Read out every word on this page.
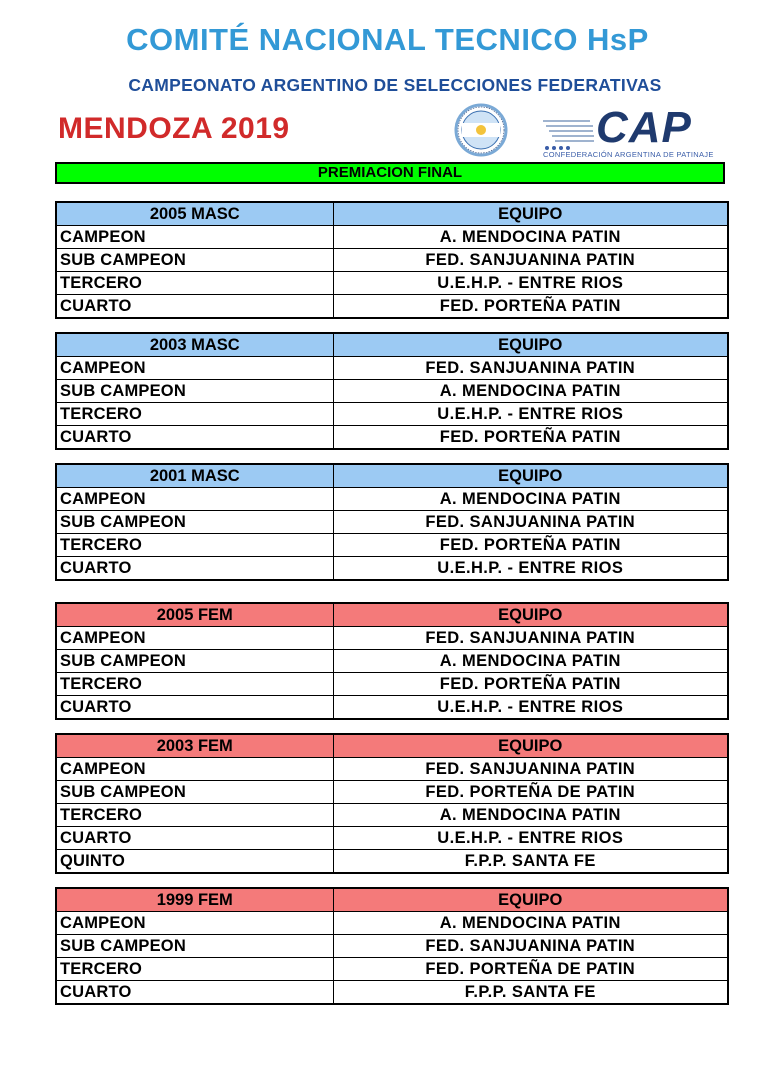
COMITÉ NACIONAL TECNICO HsP
CAMPEONATO ARGENTINO DE SELECCIONES FEDERATIVAS
MENDOZA 2019	CAP
CONFEDERACIÓN ARGENTINA DE PATINAJE
PREMIACION FINAL
2005 MASC	EQUIPO
CAMPEON	A. MENDOCINA PATIN
SUB CAMPEON	FED. SANJUANINA PATIN
TERCERO	U.E.H.P. - ENTRE RIOS
CUARTO	FED. PORTEÑA PATIN
2003 MASC	EQUIPO
CAMPEON	FED. SANJUANINA PATIN
SUB CAMPEON	A. MENDOCINA PATIN
TERCERO	U.E.H.P. - ENTRE RIOS
CUARTO	FED. PORTEÑA PATIN
2001 MASC	EQUIPO
CAMPEON	A. MENDOCINA PATIN
SUB CAMPEON	FED. SANJUANINA PATIN
TERCERO	FED. PORTEÑA PATIN
CUARTO	U.E.H.P. - ENTRE RIOS
2005 FEM	EQUIPO
CAMPEON	FED. SANJUANINA PATIN
SUB CAMPEON	A. MENDOCINA PATIN
TERCERO	FED. PORTEÑA PATIN
CUARTO	U.E.H.P. - ENTRE RIOS
2003 FEM	EQUIPO
CAMPEON	FED. SANJUANINA PATIN
SUB CAMPEON	FED. PORTEÑA DE PATIN
TERCERO	A. MENDOCINA PATIN
CUARTO	U.E.H.P. - ENTRE RIOS
QUINTO	F.P.P. SANTA FE
1999 FEM	EQUIPO
CAMPEON	A. MENDOCINA PATIN
SUB CAMPEON	FED. SANJUANINA PATIN
TERCERO	FED. PORTEÑA DE PATIN
CUARTO	F.P.P. SANTA FE
